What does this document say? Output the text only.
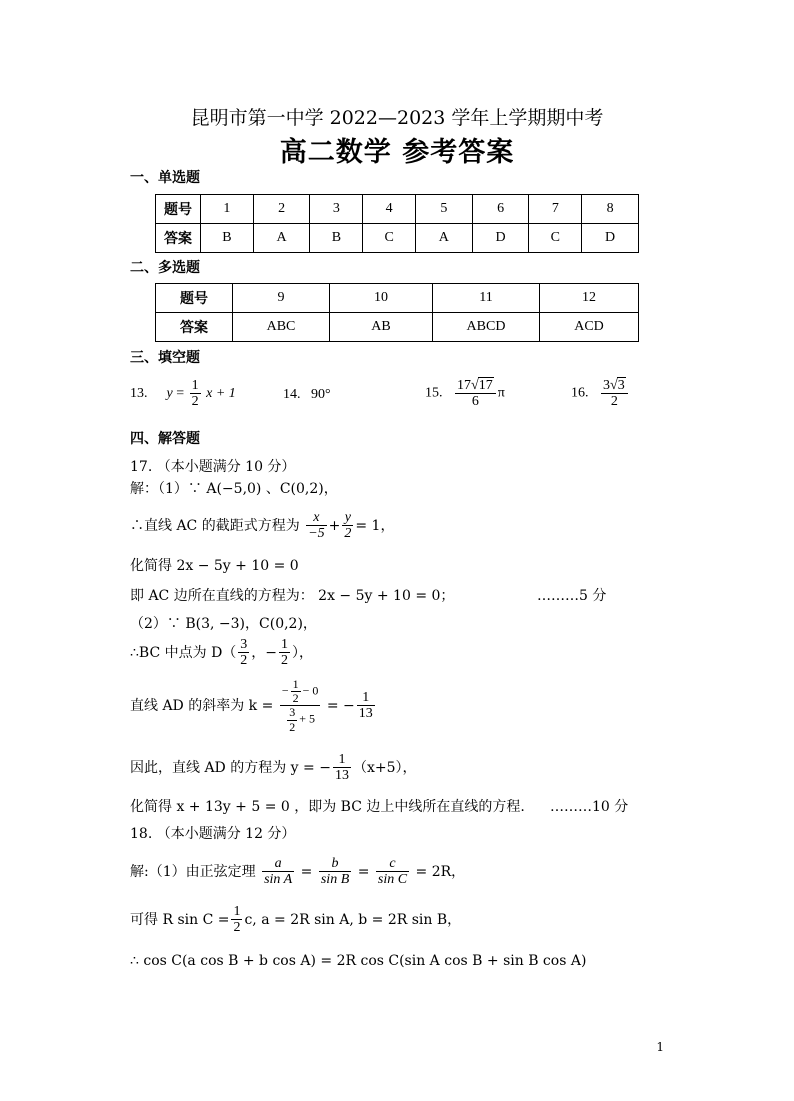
昆明市第一中学 2022—2023 学年上学期期中考
高二数学 参考答案
一、单选题
题号	1	2	3	4	5	6	7	8
答案	B	A	B	C	A	D	C	D
二、多选题
题号	9	10	11	12
答案	ABC	AB	ABCD	ACD
三、填空题
13. $y = \frac{1}{2}$ x + 1	14. 90°	15. $\frac{17√17}{6}$ π	16. $\frac{3√3}{2}$
四、解答题
17. （本小题满分 10 分）
解：（1）∵ A(−5,0) 、C(0,2)，
∴直线 AC 的截距式方程为 $\frac{x}{-5} + \frac{y}{2} = 1$，
化简得 2x − 5y + 10 = 0
即 AC 边所在直线的方程为： 2x − 5y + 10 = 0；	………5 分
（2）∵ B(3, −3)，C(0,2)，
∴BC 中点为 $D( \frac{3}{2}$ ，− $\frac{1}{2}$ ），
直线 AD 的斜率为 $k = \frac{- \frac{1}{2} - 0}{\frac{3}{2} + 5}$ = − $\frac{1}{13}$
因此，直线 AD 的方程为 y = − $\frac{1}{13} (x+5)$，
化简得 x + 13y + 5 = 0 ，即为 BC 边上中线所在直线的方程. ………10 分
18. （本小题满分 12 分）
解:（1）由正弦定理 $\frac{a}{\text{sin A}} = \frac{b}{\text{sin B}} = \frac{c}{\text{sin C}} = 2R$，
可得 R $\sin C = \frac{1}{2} c$, a = 2R sin A, b = 2R sin B，
∴ cos C(a cos B + b cos A) = 2R cos C(sin A cos B + sin B cos A)
1
